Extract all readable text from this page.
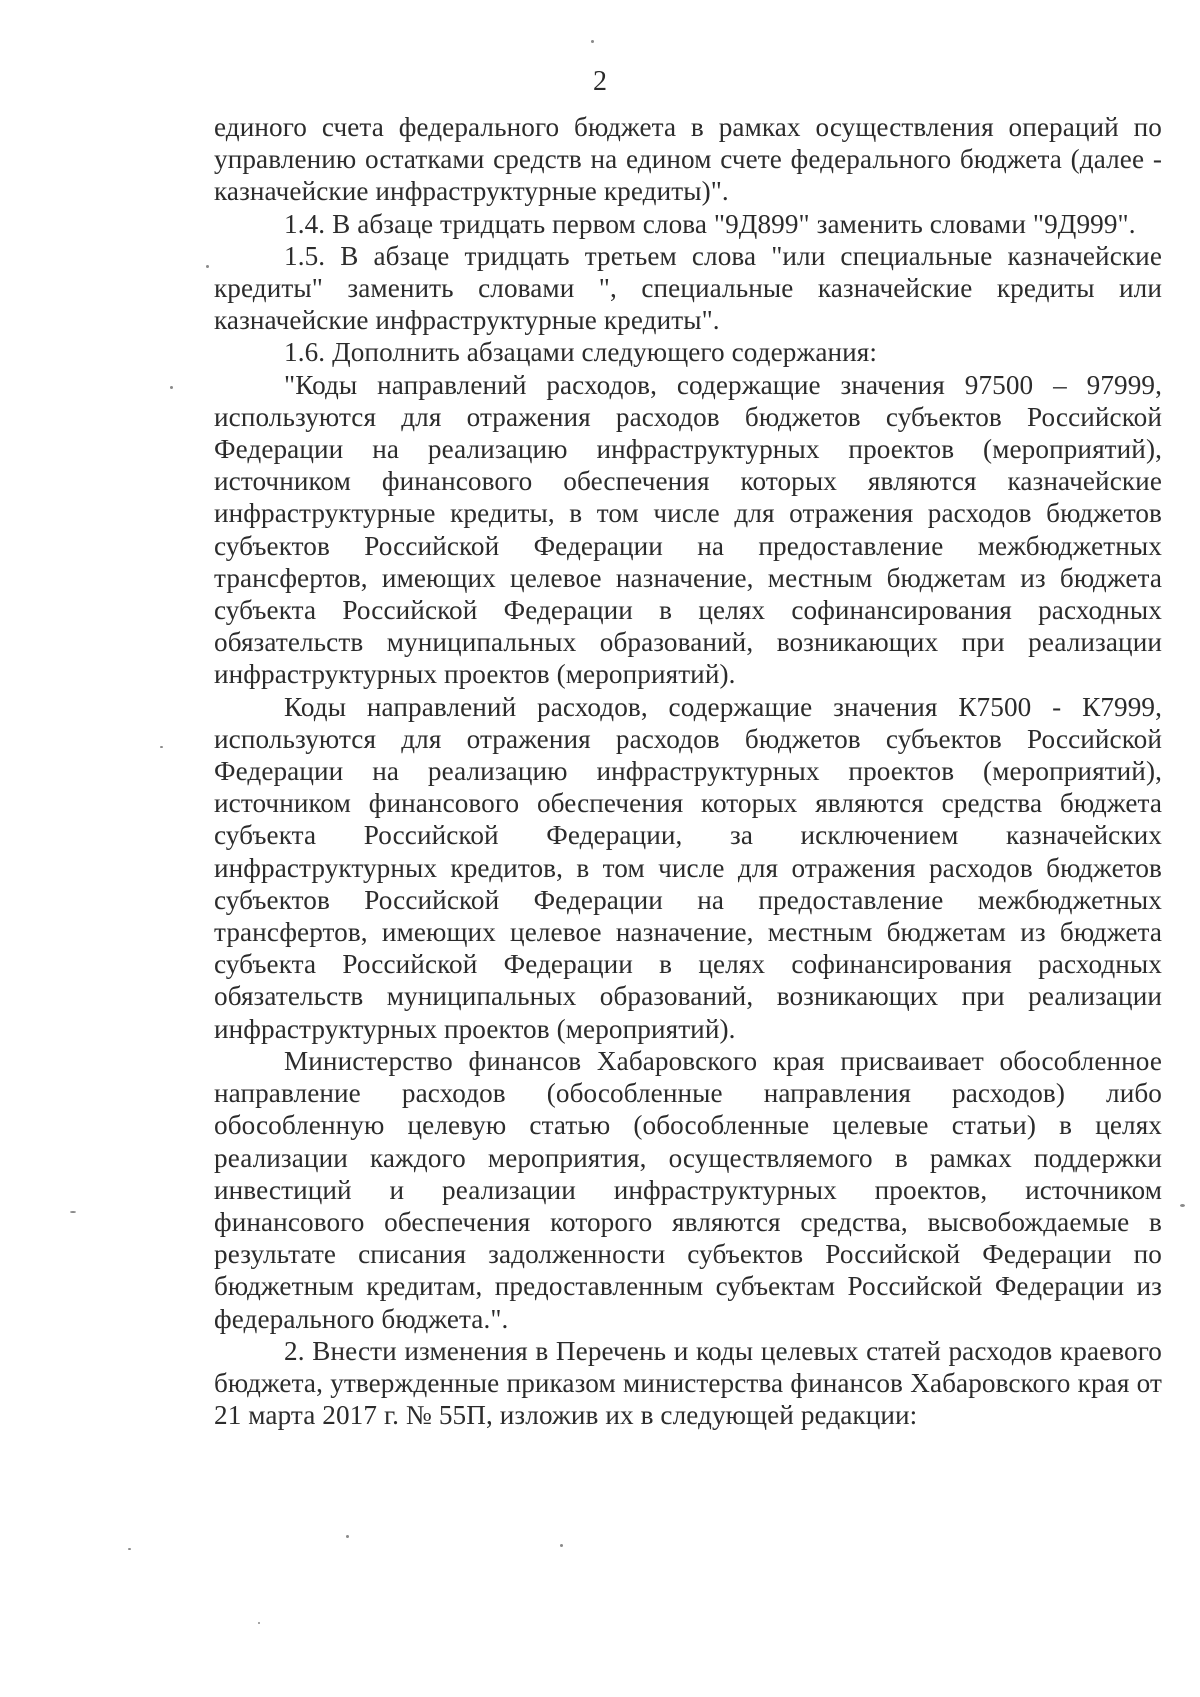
2

единого счета федерального бюджета в рамках осуществления операций по управлению остатками средств на едином счете федерального бюджета (далее - казначейские инфраструктурные кредиты)".

1.4. В абзаце тридцать первом слова "9Д899" заменить словами "9Д999".

1.5. В абзаце тридцать третьем слова "или специальные казначейские кредиты" заменить словами ", специальные казначейские кредиты или казначейские инфраструктурные кредиты".

1.6. Дополнить абзацами следующего содержания:

"Коды направлений расходов, содержащие значения 97500 – 97999, используются для отражения расходов бюджетов субъектов Российской Федерации на реализацию инфраструктурных проектов (мероприятий), источником финансового обеспечения которых являются казначейские инфраструктурные кредиты, в том числе для отражения расходов бюджетов субъектов Российской Федерации на предоставление межбюджетных трансфертов, имеющих целевое назначение, местным бюджетам из бюджета субъекта Российской Федерации в целях софинансирования расходных обязательств муниципальных образований, возникающих при реализации инфраструктурных проектов (мероприятий).

Коды направлений расходов, содержащие значения К7500 - К7999, используются для отражения расходов бюджетов субъектов Российской Федерации на реализацию инфраструктурных проектов (мероприятий), источником финансового обеспечения которых являются средства бюджета субъекта Российской Федерации, за исключением казначейских инфраструктурных кредитов, в том числе для отражения расходов бюджетов субъектов Российской Федерации на предоставление межбюджетных трансфертов, имеющих целевое назначение, местным бюджетам из бюджета субъекта Российской Федерации в целях софинансирования расходных обязательств муниципальных образований, возникающих при реализации инфраструктурных проектов (мероприятий).

Министерство финансов Хабаровского края присваивает обособленное направление расходов (обособленные направления расходов) либо обособленную целевую статью (обособленные целевые статьи) в целях реализации каждого мероприятия, осуществляемого в рамках поддержки инвестиций и реализации инфраструктурных проектов, источником финансового обеспечения которого являются средства, высвобождаемые в результате списания задолженности субъектов Российской Федерации по бюджетным кредитам, предоставленным субъектам Российской Федерации из федерального бюджета.".

2. Внести изменения в Перечень и коды целевых статей расходов краевого бюджета, утвержденные приказом министерства финансов Хабаровского края от 21 марта 2017 г. № 55П, изложив их в следующей редакции:
